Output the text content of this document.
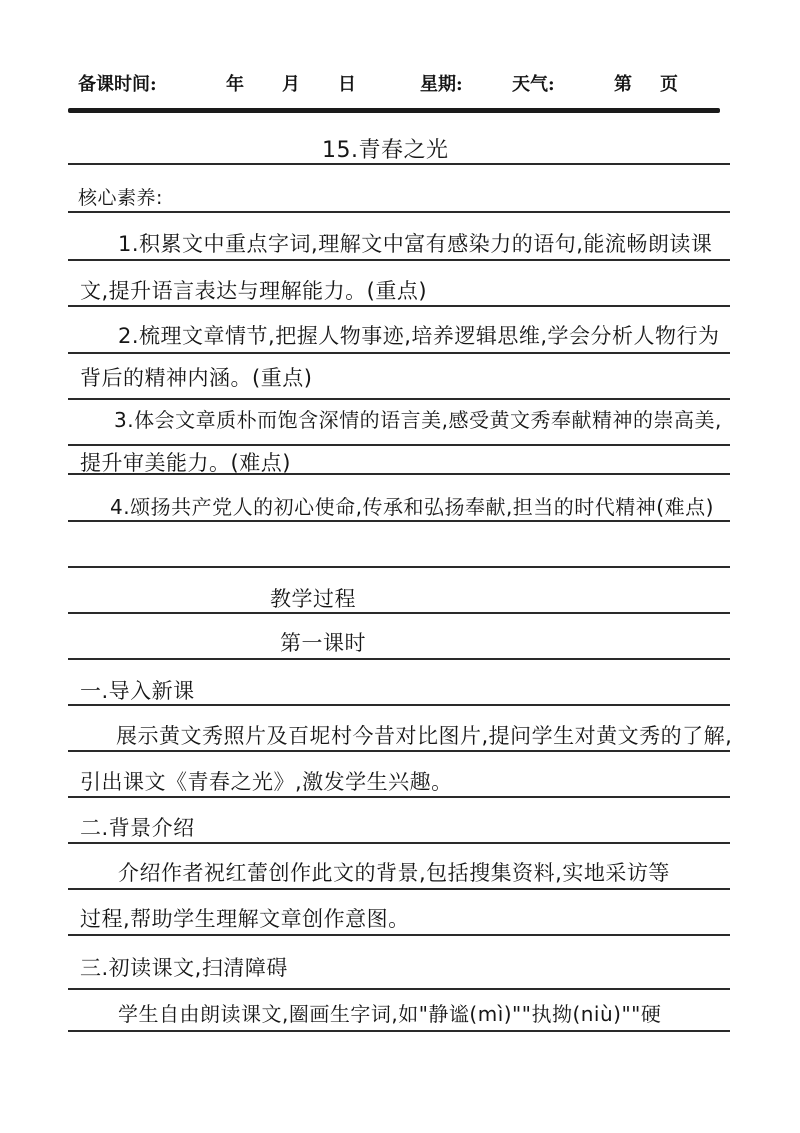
备课时间:	年 月 日	星期:	天气:	第 页
15.青春之光
核心素养:
1.积累文中重点字词,理解文中富有感染力的语句,能流畅朗读课
文,提升语言表达与理解能力。(重点)
2.梳理文章情节,把握人物事迹,培养逻辑思维,学会分析人物行为
背后的精神内涵。(重点)
3.体会文章质朴而饱含深情的语言美,感受黄文秀奉献精神的崇高美,
提升审美能力。(难点)
4.颂扬共产党人的初心使命,传承和弘扬奉献,担当的时代精神(难点)
教学过程
第一课时
一.导入新课
展示黄文秀照片及百坭村今昔对比图片,提问学生对黄文秀的了解,
引出课文《青春之光》,激发学生兴趣。
二.背景介绍
介绍作者祝红蕾创作此文的背景,包括搜集资料,实地采访等
过程,帮助学生理解文章创作意图。
三.初读课文,扫清障碍
学生自由朗读课文,圈画生字词,如"静谧(mì)""执拗(niù)""硬
